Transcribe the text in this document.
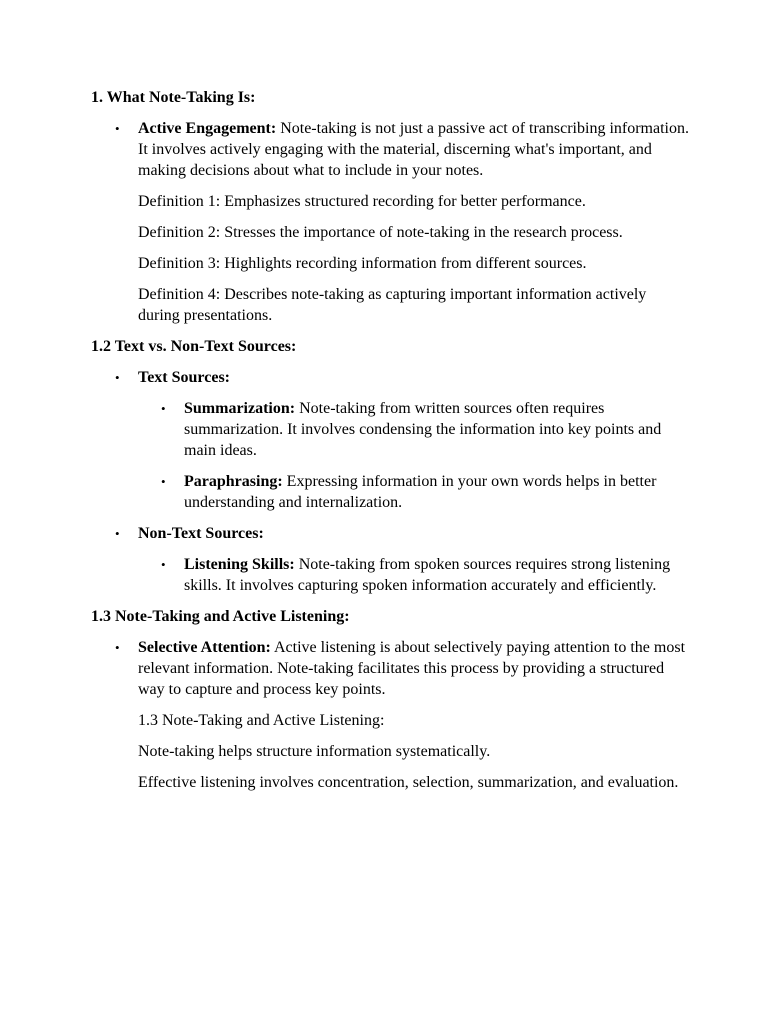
1. What Note-Taking Is:
• Active Engagement: Note-taking is not just a passive act of transcribing information. It involves actively engaging with the material, discerning what's important, and making decisions about what to include in your notes.
Definition 1: Emphasizes structured recording for better performance.
Definition 2: Stresses the importance of note-taking in the research process.
Definition 3: Highlights recording information from different sources.
Definition 4: Describes note-taking as capturing important information actively during presentations.
1.2 Text vs. Non-Text Sources:
• Text Sources:
• Summarization: Note-taking from written sources often requires summarization. It involves condensing the information into key points and main ideas.
• Paraphrasing: Expressing information in your own words helps in better understanding and internalization.
• Non-Text Sources:
• Listening Skills: Note-taking from spoken sources requires strong listening skills. It involves capturing spoken information accurately and efficiently.
1.3 Note-Taking and Active Listening:
• Selective Attention: Active listening is about selectively paying attention to the most relevant information. Note-taking facilitates this process by providing a structured way to capture and process key points.
1.3 Note-Taking and Active Listening:
Note-taking helps structure information systematically.
Effective listening involves concentration, selection, summarization, and evaluation.
